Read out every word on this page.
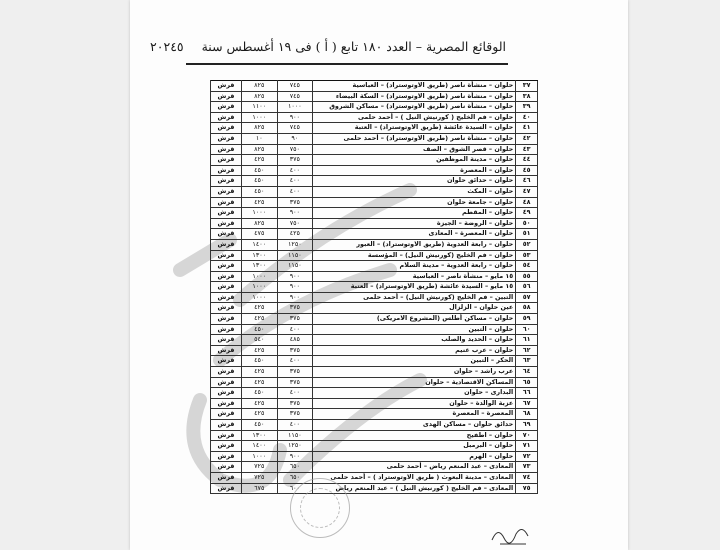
الوقائع المصرية – العدد ١٨٠ تابع ( أ ) فى ١٩ أغسطس سنة ٢٠٢٤٥
٣٧	حلوان – منشأة ناصر (طريق الاوتوستراد) – العباسية	٧٤٥	٨٢٥	قرش
٣٨	حلوان – منشأة ناصر (طريق الاوتوستراد) – السكة البيضاء	٧٤٥	٨٢٥	قرش
٣٩	حلوان – منشأة ناصر (طريق الاوتوستراد) – مساكن الشروق	١٠٠٠	١١٠٠	قرش
٤٠	حلوان – فم الخليج ( كورنيش النيل ) – أحمد حلمى	٩٠٠	١٠٠٠	قرش
٤١	حلوان – السيدة عائشة (طريق الاوتوستراد) – العتبة	٧٤٥	٨٢٥	قرش
٤٢	حلوان – منشأة ناصر (طريق الاوتوستراد) – أحمد حلمى	٩٠	١٠	قرش
٤٣	حلوان – قصر الشوق – الصف	٧٥٠	٨٢٥	قرش
٤٤	حلوان – مدينة الموظفين	٣٧٥	٤٢٥	قرش
٤٥	حلوان – المعصرة	٤٠٠	٤٥٠	قرش
٤٦	حلوان – حدائق حلوان	٤٠٠	٤٥٠	قرش
٤٧	حلوان – المكث	٤٠٠	٤٥٠	قرش
٤٨	حلوان – جامعة حلوان	٣٧٥	٤٢٥	قرش
٤٩	حلوان – المقطم	٩٠٠	١٠٠٠	قرش
٥٠	حلوان – الروضة – الجيزة	٧٥٠	٨٢٥	قرش
٥١	حلوان – المعصرة – المعادى	٤٢٥	٤٧٥	قرش
٥٢	حلوان – رابعة العدوية (طريق الاوتوستراد) – العبور	١٢٥٠	١٤٠٠	قرش
٥٣	حلوان – فم الخليج (كورنيش النيل) – المؤسسة	١١٥٠	١٣٠٠	قرش
٥٤	حلوان – رابعة العدوية – مدينة السلام	١١٥٠	١٣٠٠	قرش
٥٥	١٥ مايو – منشأة ناصر – العباسية	٩٠٠	١٠٠٠	قرش
٥٦	١٥ مايو – السيدة عائشة (طريق الاوتوستراد) – العتبة	٩٠٠	١٠٠٠	قرش
٥٧	التبين – فم الخليج (كورنيش النيل) – أحمد حلمى	٩٠٠	١٠٠٠	قرش
٥٨	عين حلوان – الزلزال	٣٧٥	٤٢٥	قرش
٥٩	حلوان – مساكن أطلس (المشروع الامريكى)	٣٧٥	٤٢٥	قرش
٦٠	حلوان – التبين	٤٠٠	٤٥٠	قرش
٦١	حلوان – الحديد والصلب	٤٨٥	٥٤٠	قرش
٦٢	حلوان – عرب غنيم	٣٧٥	٤٢٥	قرش
٦٣	الحكر – التبين	٤٠٠	٤٥٠	قرش
٦٤	عرب راشد – حلوان	٣٧٥	٤٢٥	قرش
٦٥	المساكن الاقتصادية – حلوان	٣٧٥	٤٢٥	قرش
٦٦	البدارى – حلوان	٤٠٠	٤٥٠	قرش
٦٧	عزبة الوالدة – حلوان	٣٧٥	٤٢٥	قرش
٦٨	المعصرة – المعصرة	٣٧٥	٤٢٥	قرش
٦٩	حدائق حلوان – مساكن الهدى	٤٠٠	٤٥٠	قرش
٧٠	حلوان – اطفيح	١١٥٠	١٣٠٠	قرش
٧١	حلوان – البرمبل	١٢٥٠	١٤٠٠	قرش
٧٢	حلوان – الهرم	٩٠٠	١٠٠٠	قرش
٧٣	المعادى – عبد المنعم رياض – أحمد حلمى	٦٥٠	٧٢٥	قرش
٧٤	المعادى – مدينة البعوث ( طريق الاوتوستراد ) – أحمد حلمى	٦٥٠	٧٢٥	قرش
٧٥	المعادى – فم الخليج ( كورنيش النيل ) – عبد المنعم رياض	٦٠٠	٦٧٥	قرش
